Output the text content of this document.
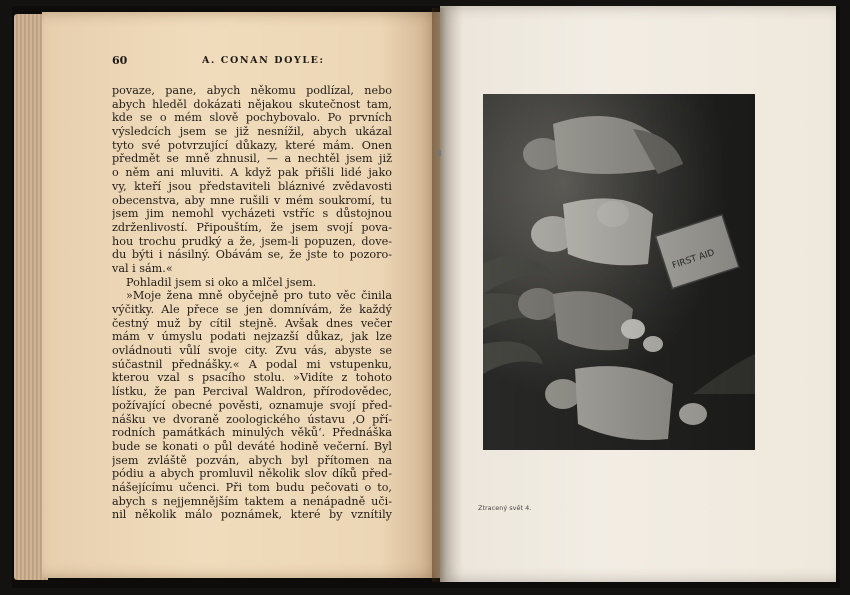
60	A. CONAN DOYLE:
povaze, pane, abych někomu podlízal, nebo
abych hleděl dokázati nějakou skutečnost tam,
kde se o mém slově pochybovalo. Po prvních
výsledcích jsem se již nesnížil, abych ukázal
tyto své potvrzující důkazy, které mám. Onen
předmět se mně zhnusil, — a nechtěl jsem již
o něm ani mluviti. A když pak přišli lidé jako
vy, kteří jsou představiteli bláznivé zvědavosti
obecenstva, aby mne rušili v mém soukromí, tu
jsem jim nemohl vycházeti vstříc s důstojnou
zdrženlivostí. Připouštím, že jsem svojí pova-
hou trochu prudký a že, jsem-li popuzen, dove-
du býti i násilný. Obávám se, že jste to pozoro-
val i sám.«
Pohladil jsem si oko a mlčel jsem.
»Moje žena mně obyčejně pro tuto věc činila
výčitky. Ale přece se jen domnívám, že každý
čestný muž by cítil stejně. Avšak dnes večer
mám v úmyslu podati nejzazší důkaz, jak lze
ovládnouti vůlí svoje city. Zvu vás, abyste se
súčastnil přednášky.« A podal mi vstupenku,
kterou vzal s psacího stolu. »Vidíte z tohoto
lístku, že pan Percival Waldron, přírodovědec,
požívající obecné pověsti, oznamuje svojí před-
nášku ve dvoraně zoologického ústavu ,O pří-
rodních památkách minulých věků‘. Přednáška
bude se konati o půl deváté hodině večerní. Byl
jsem zvláště pozván, abych byl přítomen na
pódiu a abych promluvil několik slov díků před-
nášejícímu učenci. Při tom budu pečovati o to,
abych s nejjemnějším taktem a nenápadně uči-
nil několik málo poznámek, které by vznítily
Ztracený svět 4.
